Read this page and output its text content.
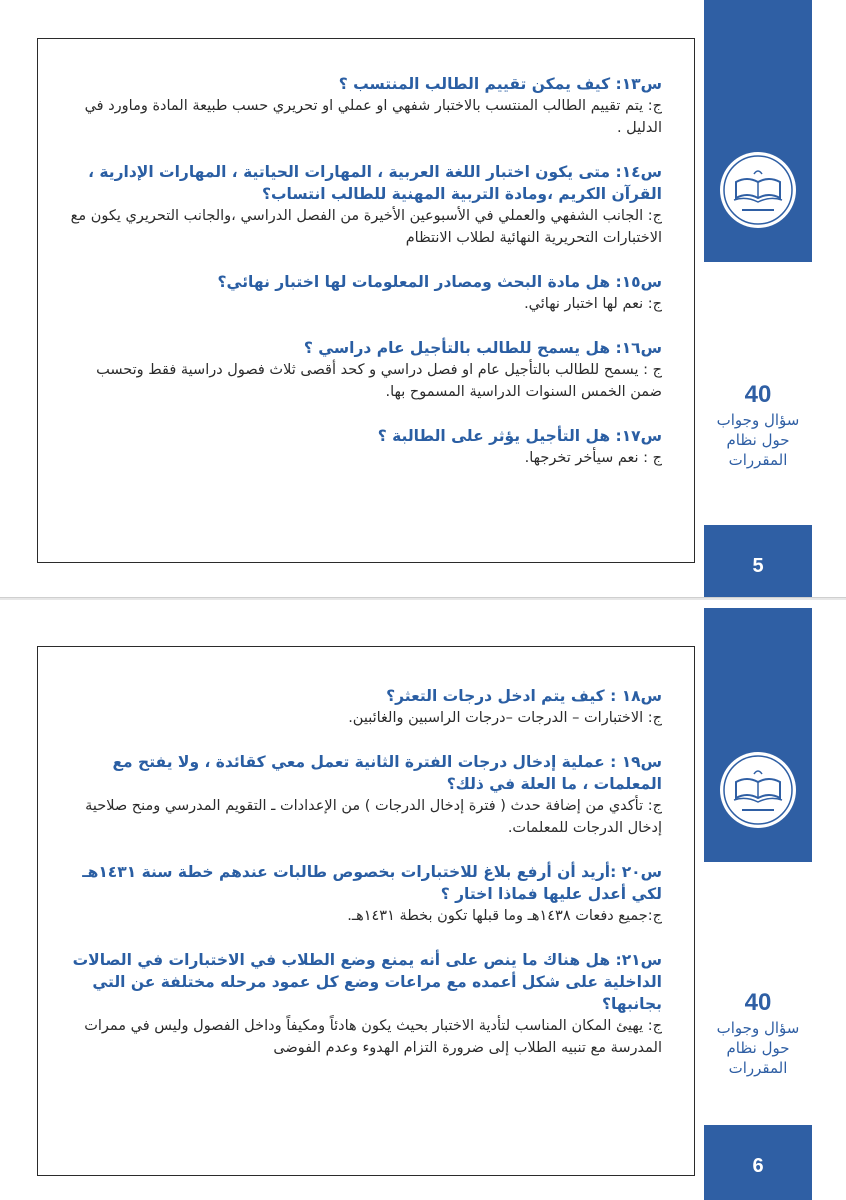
س١٣: كيف يمكن تقييم الطالب المنتسب ؟
ج: يتم تقييم الطالب المنتسب بالاختبار شفهي او عملي او تحريري حسب طبيعة المادة وماورد في الدليل .
س١٤: متى يكون اختبار اللغة العربية ، المهارات الحياتية ، المهارات الإدارية ، القرآن الكريم ،ومادة التربية المهنية للطالب انتساب؟
ج: الجانب الشفهي والعملي في الأسبوعين الأخيرة من الفصل الدراسي ،والجانب التحريري يكون مع الاختبارات التحريرية النهائية لطلاب الانتظام
س١٥: هل مادة البحث ومصادر المعلومات لها اختبار نهائي؟
ج: نعم لها اختبار نهائي.
س١٦: هل يسمح للطالب بالتأجيل عام دراسي ؟
ج : يسمح للطالب بالتأجيل عام او فصل دراسي و كحد أقصى ثلاث فصول دراسية فقط وتحسب ضمن الخمس السنوات الدراسية المسموح بها.
س١٧: هل التأجيل يؤثر على الطالبة ؟
ج : نعم سيأخر تخرجها.
40
سؤال وجواب
حول نظام
المقررات
5
س١٨ : كيف يتم ادخل درجات التعثر؟
ج: الاختبارات – الدرجات –درجات الراسبين والغائبين.
س١٩ : عملية إدخال درجات الفترة الثانية تعمل معي كقائدة ، ولا يفتح مع المعلمات ، ما العلة في ذلك؟
ج: تأكدي من إضافة حدث ( فترة إدخال الدرجات ) من الإعدادات ـ التقويم المدرسي ومنح صلاحية إدخال الدرجات للمعلمات.
س٢٠ :أريد أن أرفع بلاغ للاختبارات بخصوص طالبات عندهم خطة سنة ١٤٣١هـ لكي أعدل عليها فماذا اختار ؟
ج:جميع دفعات ١٤٣٨هـ وما قبلها تكون بخطة ١٤٣١هـ.
س٢١: هل هناك ما ينص على أنه يمنع وضع الطلاب في الاختبارات في الصالات الداخلية على شكل أعمده مع مراعات وضع كل عمود مرحله مختلفة عن التي بجانبها؟
ج: يهيئ المكان المناسب لتأدية الاختبار بحيث يكون هادئاً ومكيفاً وداخل الفصول وليس في ممرات المدرسة مع تنبيه الطلاب إلى ضرورة التزام الهدوء وعدم الفوضى
40
سؤال وجواب
حول نظام
المقررات
6
